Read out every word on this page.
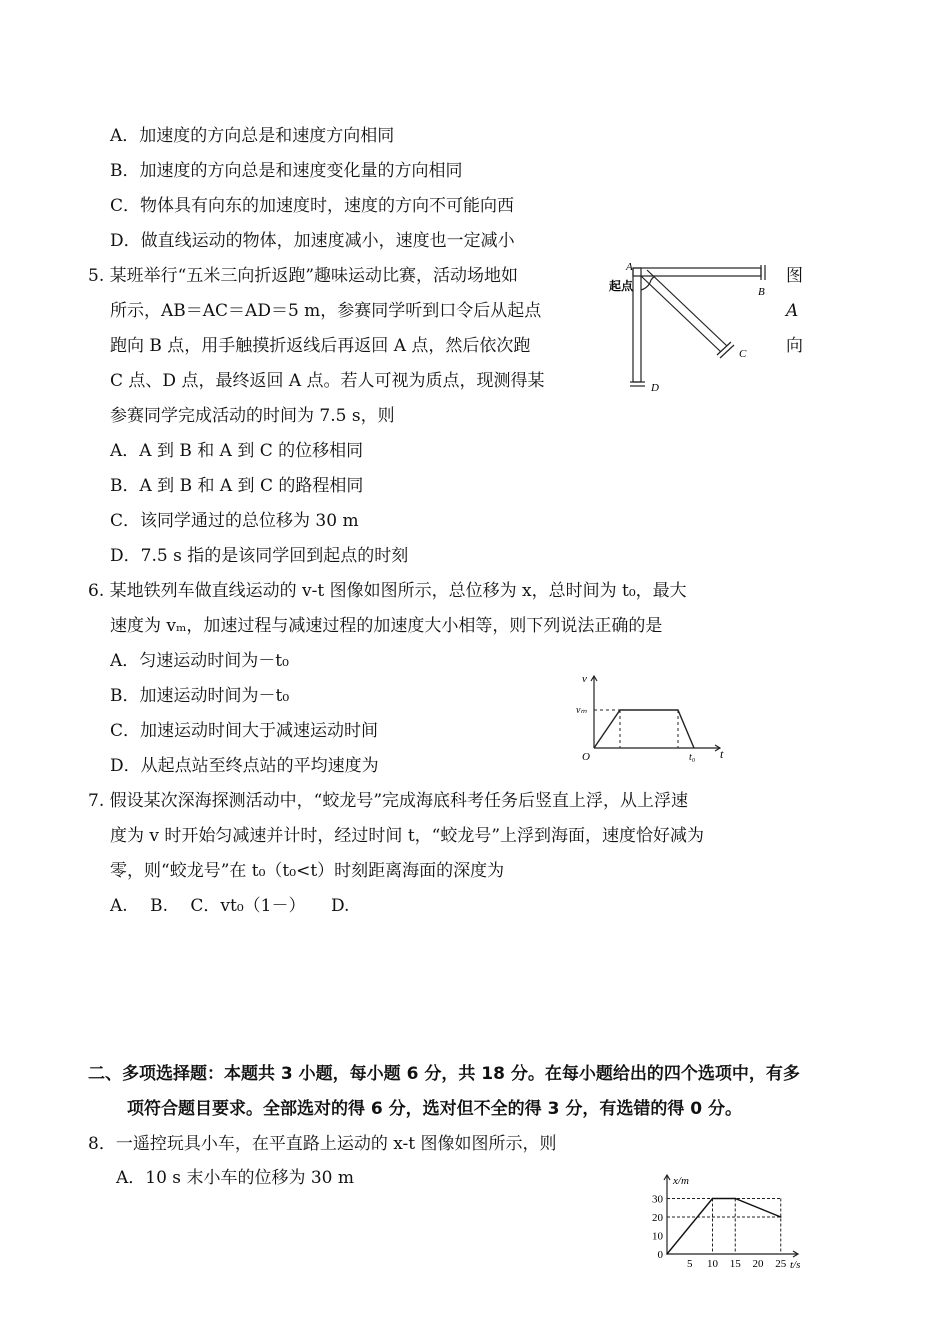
A．加速度的方向总是和速度方向相同
B．加速度的方向总是和速度变化量的方向相同
C．物体具有向东的加速度时，速度的方向不可能向西
D．做直线运动的物体，加速度减小，速度也一定减小
5. 某班举行“五米三向折返跑”趣味运动比赛，活动场地如	图
所示，AB＝AC＝AD＝5 m，参赛同学听到口令后从起点	A
跑向 B 点，用手触摸折返线后再返回 A 点，然后依次跑	向
C 点、D 点，最终返回 A 点。若人可视为质点，现测得某
参赛同学完成活动的时间为 7.5 s，则
A．A 到 B 和 A 到 C 的位移相同
B．A 到 B 和 A 到 C 的路程相同
C．该同学通过的总位移为 30 m
D．7.5 s 指的是该同学回到起点的时刻
A
起点	B
C
D
6. 某地铁列车做直线运动的 v-t 图像如图所示，总位移为 x，总时间为 t₀，最大
速度为 vₘ，加速过程与减速过程的加速度大小相等，则下列说法正确的是
A．匀速运动时间为－t₀
B．加速运动时间为－t₀
C．加速运动时间大于减速运动时间
D．从起点站至终点站的平均速度为
v
vₘ
O	t₀ t
7. 假设某次深海探测活动中，“蛟龙号”完成海底科考任务后竖直上浮，从上浮速
度为 v 时开始匀减速并计时，经过时间 t，“蛟龙号”上浮到海面，速度恰好减为
零，则“蛟龙号”在 t₀（t₀<t）时刻距离海面的深度为
A.　 B.　 C．vt₀（1－）　　D.
二、多项选择题：本题共 3 小题，每小题 6 分，共 18 分。在每小题给出的四个选项中，有多
项符合题目要求。全部选对的得 6 分，选对但不全的得 3 分，有选错的得 0 分。
8．一遥控玩具小车，在平直路上运动的 x-t 图像如图所示，则
A．10 s 末小车的位移为 30 m
5 10 15 20 25
0
10
20
30
x/m
t/s
